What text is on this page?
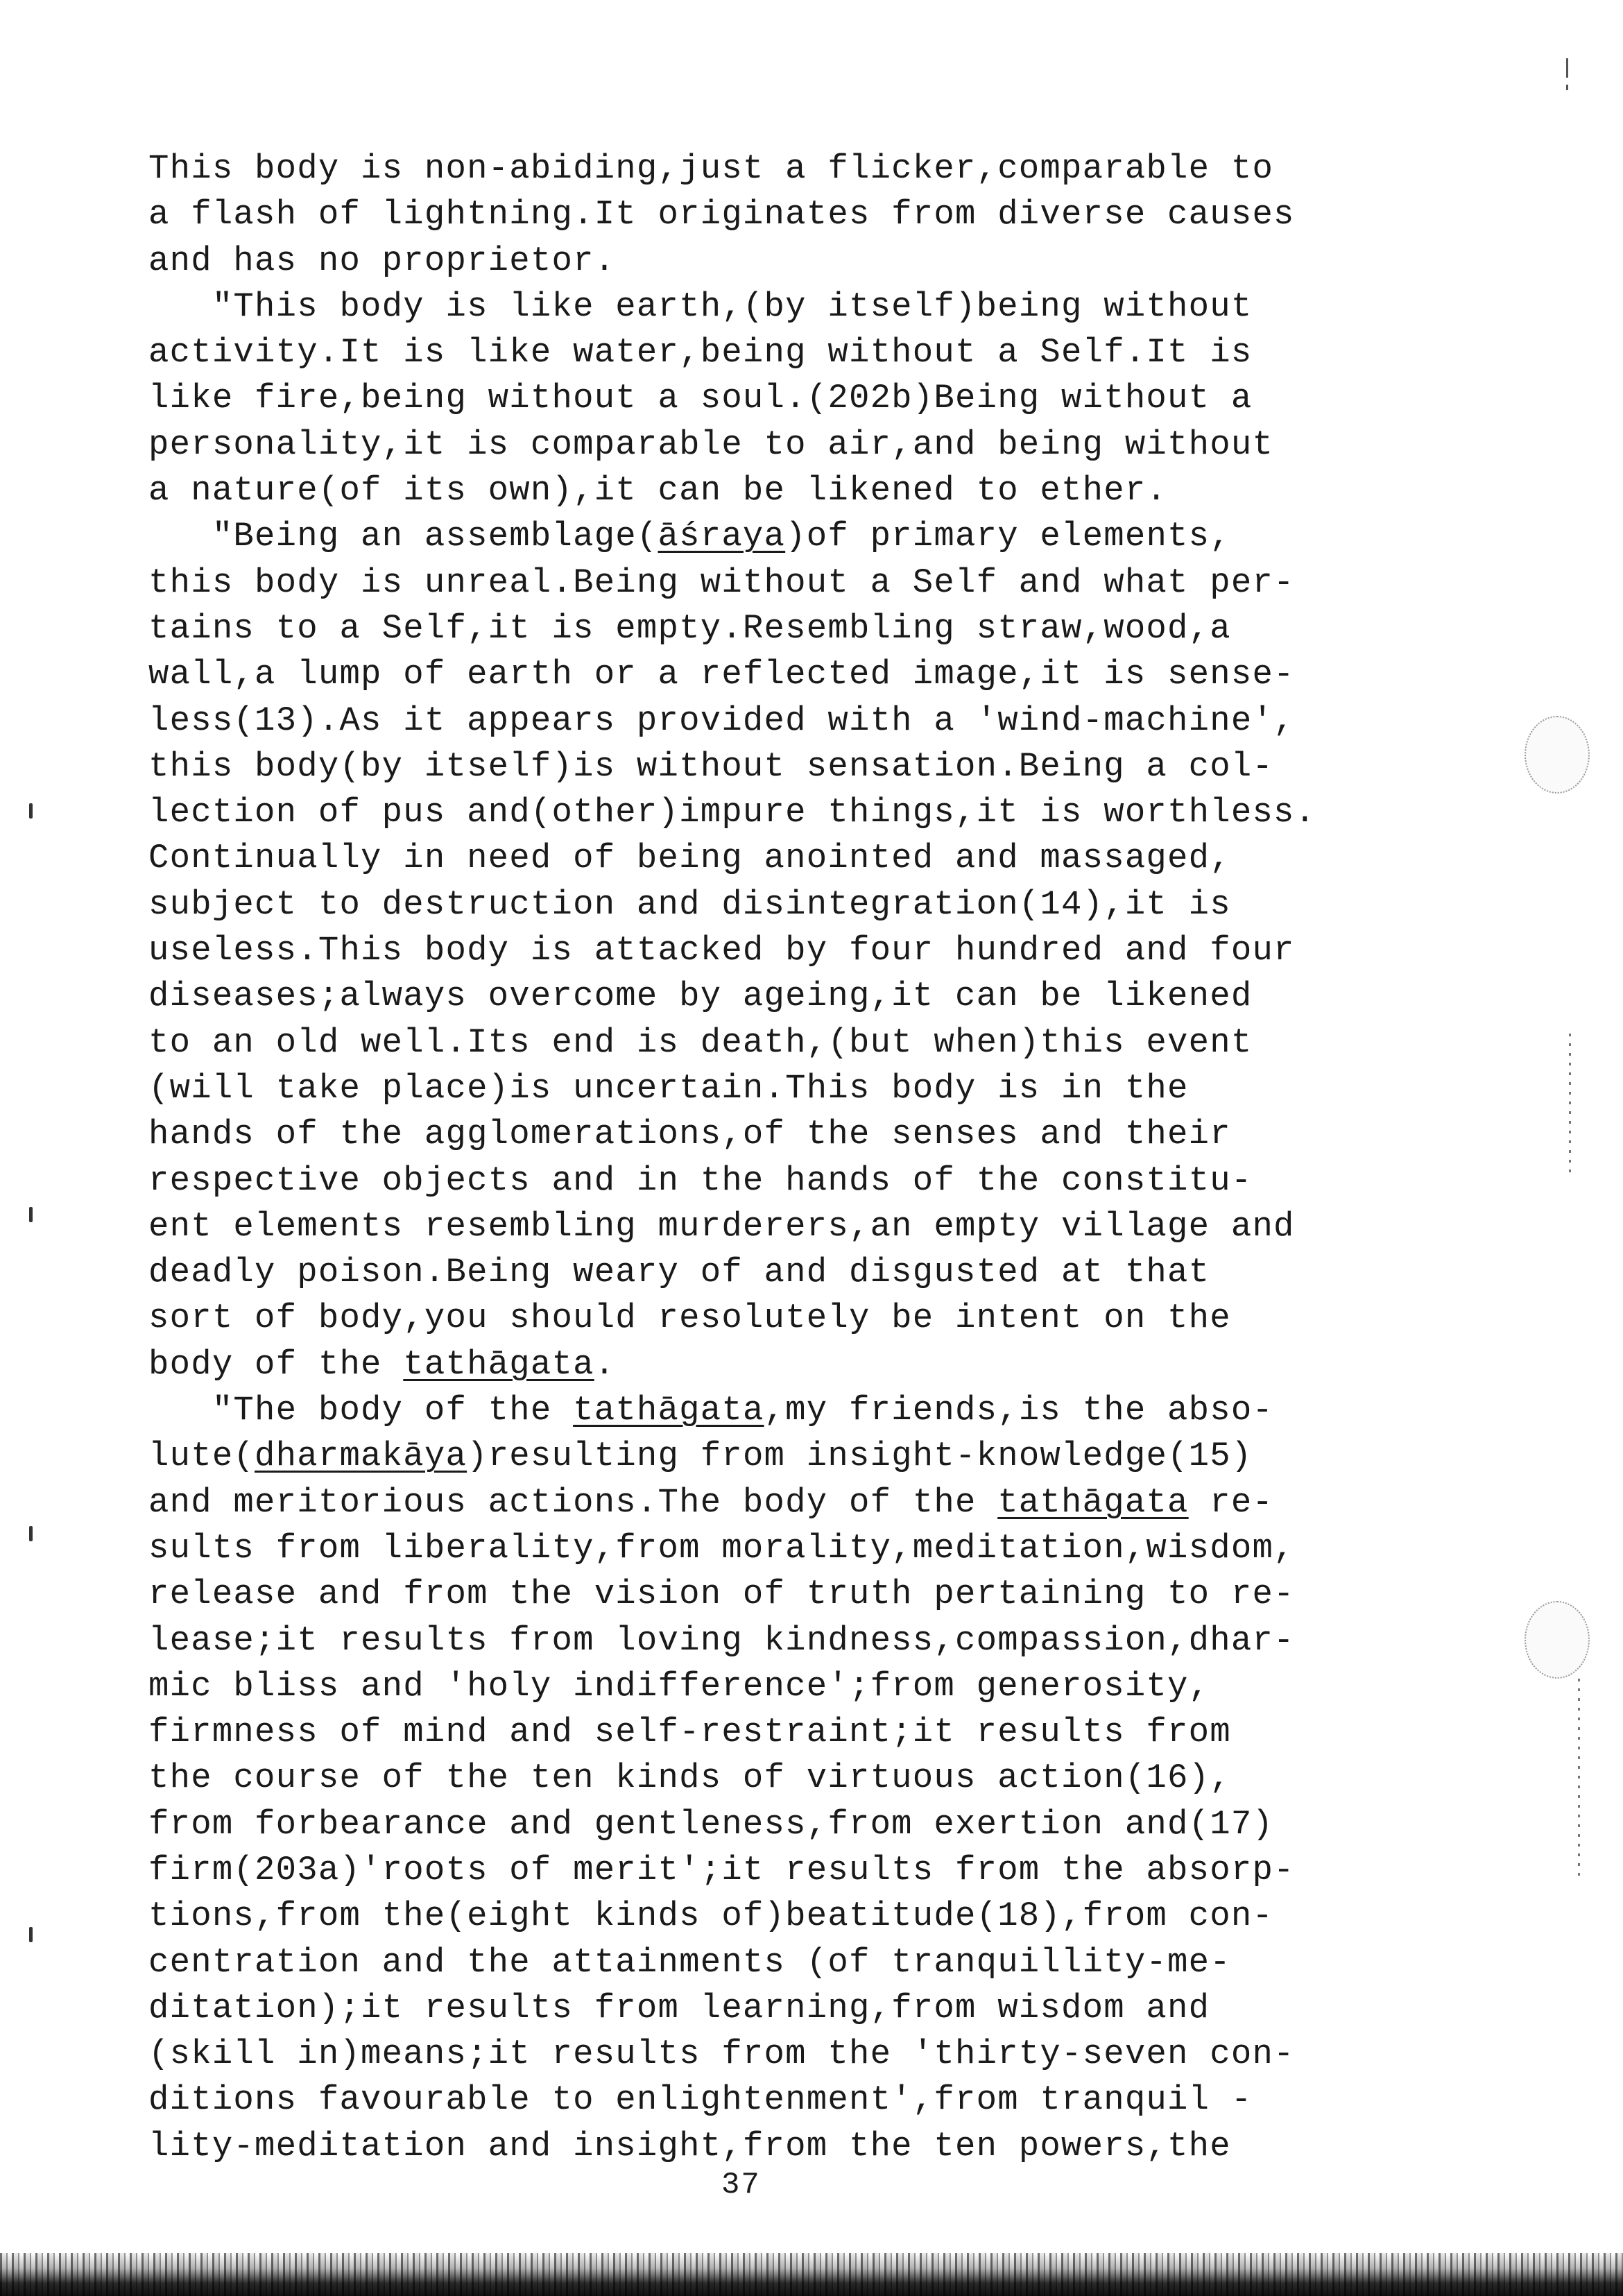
This body is non-abiding,just a flicker,comparable to
a flash of lightning.It originates from diverse causes
and has no proprietor.
"This body is like earth,(by itself)being without
activity.It is like water,being without a Self.It is
like fire,being without a soul.(202b)Being without a
personality,it is comparable to air,and being without
a nature(of its own),it can be likened to ether.
"Being an assemblage(āśraya)of primary elements,
this body is unreal.Being without a Self and what per-
tains to a Self,it is empty.Resembling straw,wood,a
wall,a lump of earth or a reflected image,it is sense-
less(13).As it appears provided with a 'wind-machine',
this body(by itself)is without sensation.Being a col-
lection of pus and(other)impure things,it is worthless.
Continually in need of being anointed and massaged,
subject to destruction and disintegration(14),it is
useless.This body is attacked by four hundred and four
diseases;always overcome by ageing,it can be likened
to an old well.Its end is death,(but when)this event
(will take place)is uncertain.This body is in the
hands of the agglomerations,of the senses and their
respective objects and in the hands of the constitu-
ent elements resembling murderers,an empty village and
deadly poison.Being weary of and disgusted at that
sort of body,you should resolutely be intent on the
body of the tathāgata.
"The body of the tathāgata,my friends,is the abso-
lute(dharmakāya)resulting from insight-knowledge(15)
and meritorious actions.The body of the tathāgata re-
sults from liberality,from morality,meditation,wisdom,
release and from the vision of truth pertaining to re-
lease;it results from loving kindness,compassion,dhar-
mic bliss and 'holy indifference';from generosity,
firmness of mind and self-restraint;it results from
the course of the ten kinds of virtuous action(16),
from forbearance and gentleness,from exertion and(17)
firm(203a)'roots of merit';it results from the absorp-
tions,from the(eight kinds of)beatitude(18),from con-
centration and the attainments (of tranquillity-me-
ditation);it results from learning,from wisdom and
(skill in)means;it results from the 'thirty-seven con-
ditions favourable to enlightenment',from tranquil -
lity-meditation and insight,from the ten powers,the
37
